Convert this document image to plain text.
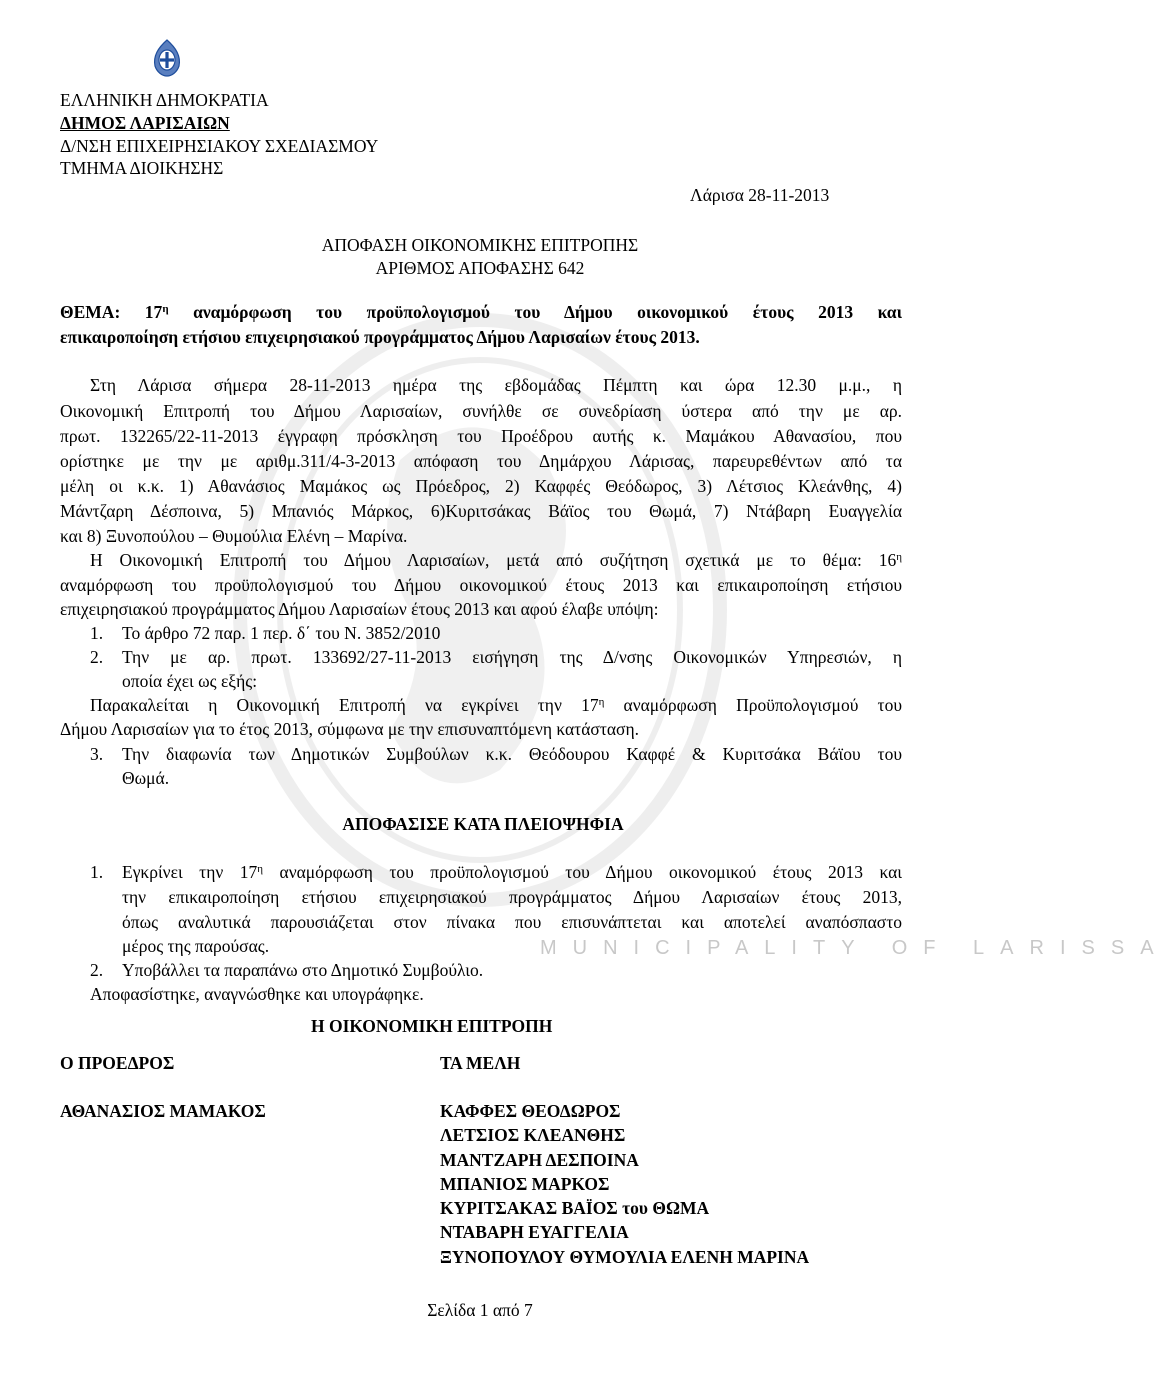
MUNICIPALITY OF LARISSA
ΕΛΛΗΝΙΚΗ ΔΗΜΟΚΡΑΤΙΑ
ΔΗΜΟΣ ΛΑΡΙΣΑΙΩΝ
Δ/ΝΣΗ ΕΠΙΧΕΙΡΗΣΙΑΚΟΥ ΣΧΕΔΙΑΣΜΟΥ
ΤΜΗΜΑ ΔΙΟΙΚΗΣΗΣ
Λάρισα 28-11-2013
ΑΠΟΦΑΣΗ ΟΙΚΟΝΟΜΙΚΗΣ ΕΠΙΤΡΟΠΗΣ
ΑΡΙΘΜΟΣ ΑΠΟΦΑΣΗΣ 642
ΘΕΜΑ: $17^\eta$ αναμόρφωση του προϋπολογισμού του Δήμου οικονομικού έτους 2013 και
επικαιροποίηση ετήσιου επιχειρησιακού προγράμματος Δήμου Λαρισαίων έτους 2013.
Στη Λάρισα σήμερα 28-11-2013 ημέρα της εβδομάδας Πέμπτη και ώρα 12.30 μ.μ., η
Οικονομική Επιτροπή του Δήμου Λαρισαίων, συνήλθε σε συνεδρίαση ύστερα από την με αρ.
πρωτ. 132265/22-11-2013 έγγραφη πρόσκληση του Προέδρου αυτής κ. Μαμάκου Αθανασίου, που
ορίστηκε με την με αριθμ.311/4-3-2013 απόφαση του Δημάρχου Λάρισας, παρευρεθέντων από τα
μέλη οι κ.κ. 1) Αθανάσιος Μαμάκος ως Πρόεδρος, 2) Καφφές Θεόδωρος, 3) Λέτσιος Κλεάνθης, 4)
Μάντζαρη Δέσποινα, 5) Μπανιός Μάρκος, 6)Κυριτσάκας Βάϊος του Θωμά, 7) Ντάβαρη Ευαγγελία
και 8) Ξυνοπούλου – Θυμούλια Ελένη – Μαρίνα.
Η Οικονομική Επιτροπή του Δήμου Λαρισαίων, μετά από συζήτηση σχετικά με το θέμα: $16^\eta$
αναμόρφωση του προϋπολογισμού του Δήμου οικονομικού έτους 2013 και επικαιροποίηση ετήσιου
επιχειρησιακού προγράμματος Δήμου Λαρισαίων έτους 2013 και αφού έλαβε υπόψη:
1. Το άρθρο 72 παρ. 1 περ. δ΄ του Ν. 3852/2010
2. Την με αρ. πρωτ. 133692/27-11-2013 εισήγηση της Δ/νσης Οικονομικών Υπηρεσιών, η
οποία έχει ως εξής:
Παρακαλείται η Οικονομική Επιτροπή να εγκρίνει την $17^\eta$ αναμόρφωση Προϋπολογισμού του
Δήμου Λαρισαίων για το έτος 2013, σύμφωνα με την επισυναπτόμενη κατάσταση.
3. Την διαφωνία των Δημοτικών Συμβούλων κ.κ. Θεόδουρου Καφφέ & Κυριτσάκα Βάϊου του
Θωμά.
ΑΠΟΦΑΣΙΣΕ ΚΑΤΑ ΠΛΕΙΟΨΗΦΙΑ
1. Εγκρίνει την $17^\eta$ αναμόρφωση του προϋπολογισμού του Δήμου οικονομικού έτους 2013 και
την επικαιροποίηση ετήσιου επιχειρησιακού προγράμματος Δήμου Λαρισαίων έτους 2013,
όπως αναλυτικά παρουσιάζεται στον πίνακα που επισυνάπτεται και αποτελεί αναπόσπαστο
μέρος της παρούσας.
2. Υποβάλλει τα παραπάνω στο Δημοτικό Συμβούλιο.
Αποφασίστηκε, αναγνώσθηκε και υπογράφηκε.
Η ΟΙΚΟΝΟΜΙΚΗ ΕΠΙΤΡΟΠΗ
Ο ΠΡΟΕΔΡΟΣ	ΤΑ ΜΕΛΗ
ΑΘΑΝΑΣΙΟΣ ΜΑΜΑΚΟΣ	ΚΑΦΦΕΣ ΘΕΟΔΩΡΟΣ
ΛΕΤΣΙΟΣ ΚΛΕΑΝΘΗΣ
ΜΑΝΤΖΑΡΗ ΔΕΣΠΟΙΝΑ
ΜΠΑΝΙΟΣ ΜΑΡΚΟΣ
ΚΥΡΙΤΣΑΚΑΣ ΒΑΪΟΣ του ΘΩΜΑ
ΝΤΑΒΑΡΗ ΕΥΑΓΓΕΛΙΑ
ΞΥΝΟΠΟΥΛΟΥ ΘΥΜΟΥΛΙΑ ΕΛΕΝΗ ΜΑΡΙΝΑ
Σελίδα 1 από 7
